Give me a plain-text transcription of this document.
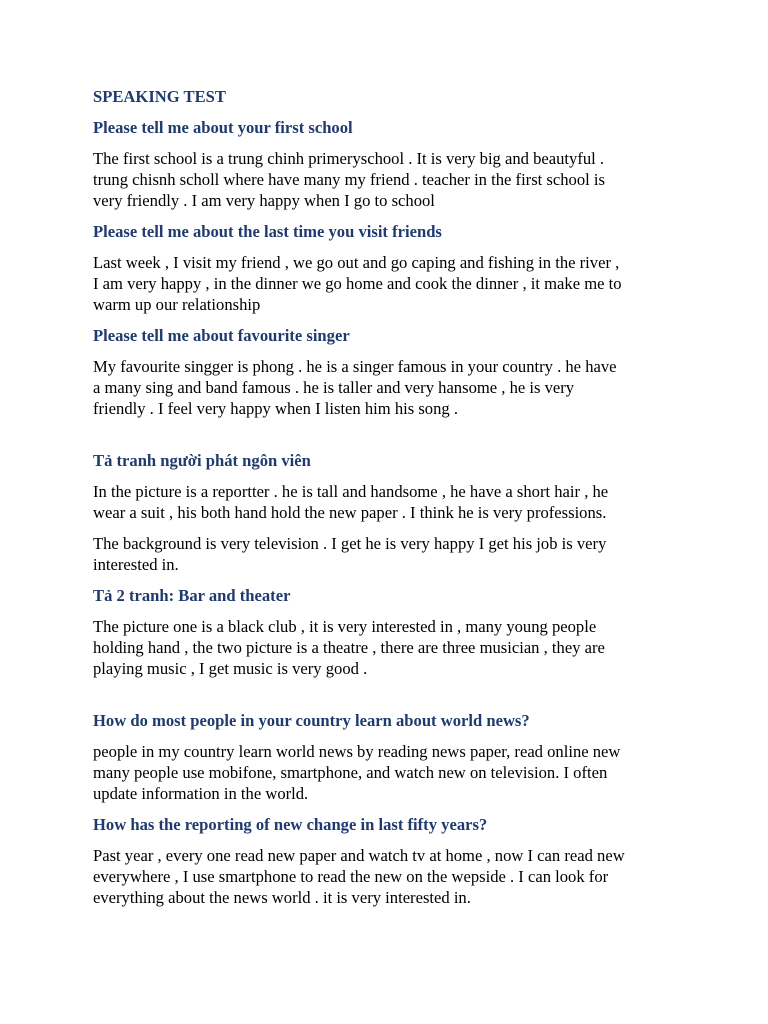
SPEAKING TEST

Please tell me about your first school

The first school is a trung chinh primeryschool . It is very big and beautyful .
trung chisnh scholl where have many my friend . teacher in the first school is
very friendly . I am very happy when I go to school

Please tell me about the last time you visit friends

Last week , I visit my friend , we go out and go caping and fishing in the river ,
I am very happy , in the dinner we go home and cook the dinner , it make me to
warm up our relationship

Please tell me about favourite singer

My favourite singger is phong . he is a singer famous in your country . he have
a many sing and band famous . he is taller and very hansome , he is very
friendly . I feel very happy when I listen him his song .

Tả tranh người phát ngôn viên

In the picture is a reportter . he is tall and handsome , he have a short hair , he
wear a suit , his both hand hold the new paper . I think he is very professions.

The background is very television . I get he is very happy I get his job is very
interested in.

Tả 2 tranh: Bar and theater

The picture one is a black club , it is very interested in , many young people
holding hand , the two picture is a theatre , there are three musician , they are
playing music , I get music is very good .

How do most people in your country learn about world news?

people in my country learn world news by reading news paper, read online new
many people use mobifone, smartphone, and watch new on television. I often
update information in the world.

How has the reporting of new change in last fifty years?

Past year , every one read new paper and watch tv at home , now I can read new
everywhere , I use smartphone to read the new on the wepside . I can look for
everything about the news world . it is very interested in.
